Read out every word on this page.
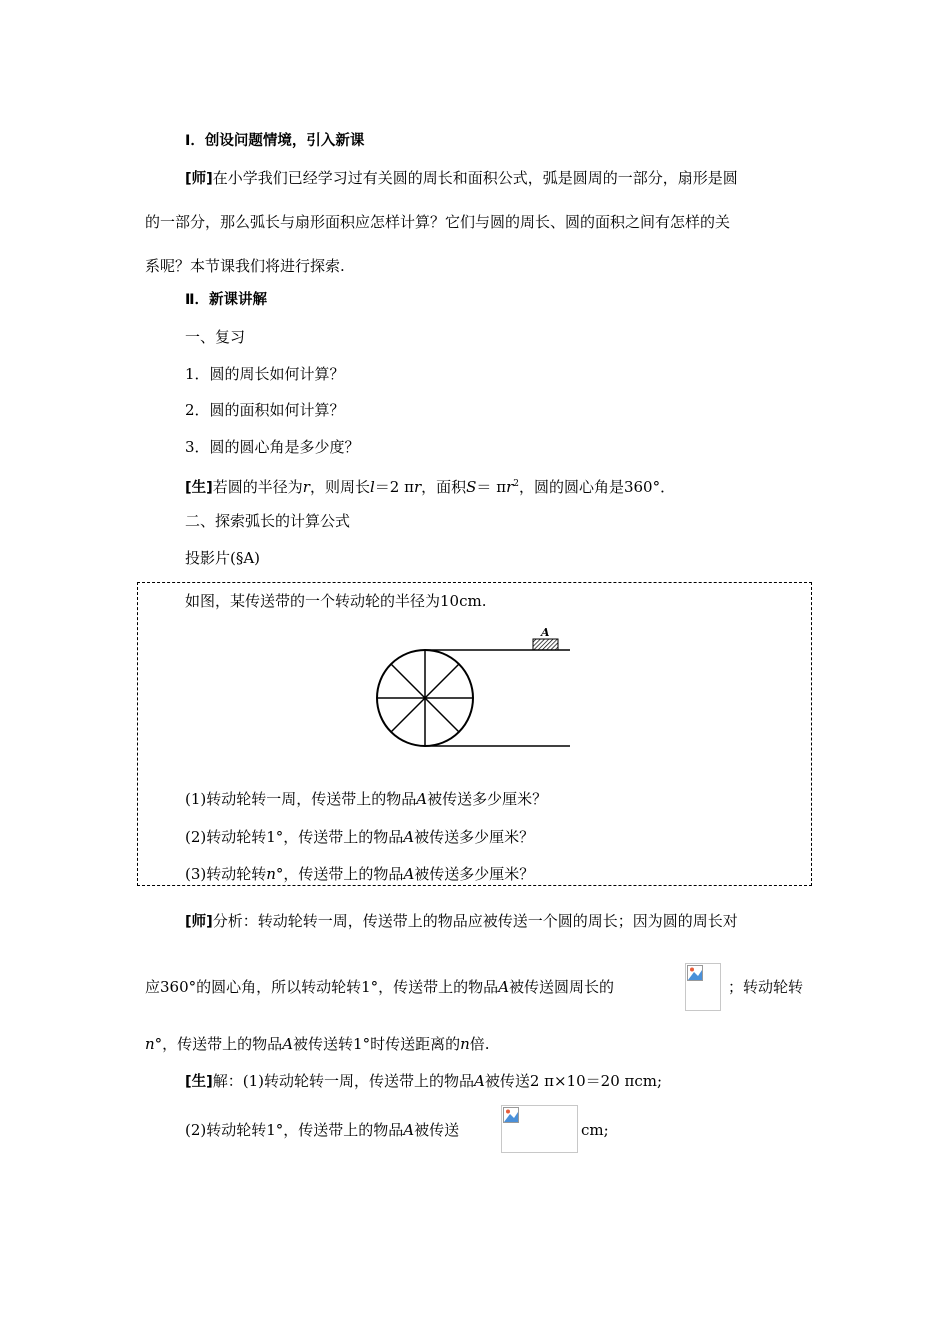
Ⅰ．创设问题情境，引入新课
[师]在小学我们已经学习过有关圆的周长和面积公式，弧是圆周的一部分，扇形是圆
的一部分，那么弧长与扇形面积应怎样计算？它们与圆的周长、圆的面积之间有怎样的关
系呢？本节课我们将进行探索.
Ⅱ．新课讲解
一、复习
1．圆的周长如何计算？
2．圆的面积如何计算？
3．圆的圆心角是多少度？
[生]若圆的半径为r，则周长l＝2 πr，面积$S= \pi r^2$，圆的圆心角是360°．
二、探索弧长的计算公式
投影片(§A)
如图，某传送带的一个转动轮的半径为10cm.
A
(1)转动轮转一周，传送带上的物品A被传送多少厘米？
(2)转动轮转1°，传送带上的物品A被传送多少厘米？
(3)转动轮转n°，传送带上的物品A被传送多少厘米？
[师]分析：转动轮转一周，传送带上的物品应被传送一个圆的周长；因为圆的周长对
应360°的圆心角，所以转动轮转1°，传送带上的物品A被传送圆周长的	；转动轮转
n°，传送带上的物品A被传送转1°时传送距离的n倍.
[生]解：(1)转动轮转一周，传送带上的物品A被传送2 π×10＝20 πcm;
(2)转动轮转1°，传送带上的物品A被传送	cm;
